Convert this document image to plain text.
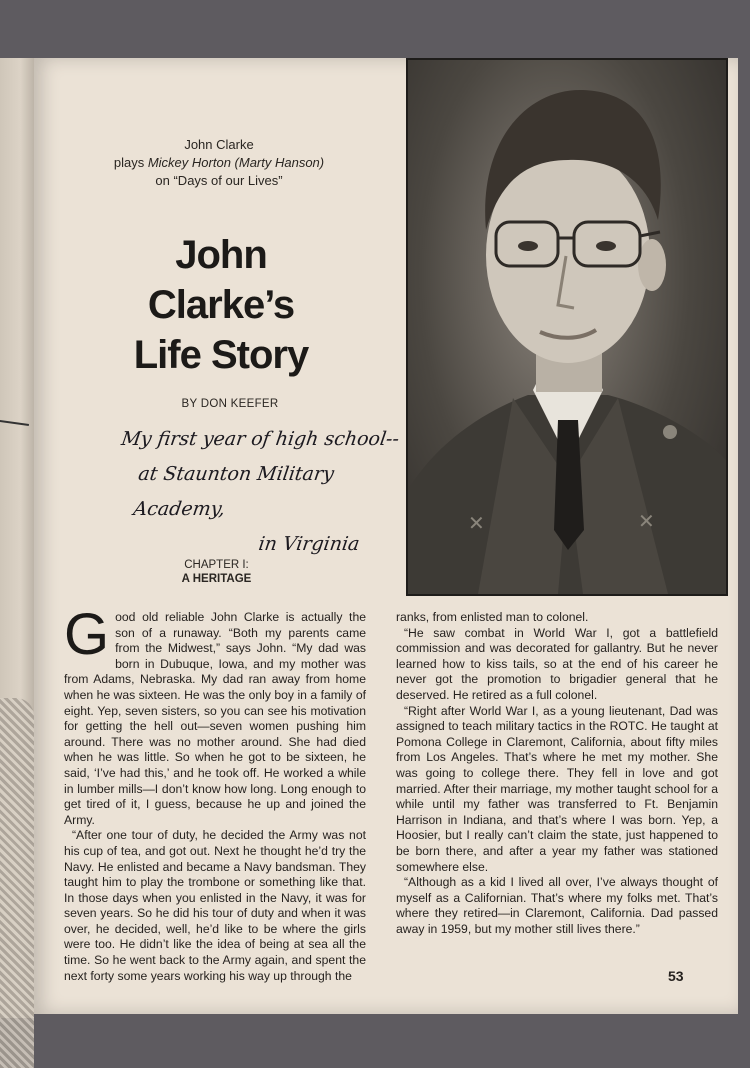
✕	✕
John Clarke
plays Mickey Horton (Marty Hanson)
on “Days of our Lives”
John
Clarke’s
Life Story
BY DON KEEFER
My first year of high school--
at Staunton Military Academy,
in Virginia
CHAPTER I:
A HERITAGE

Good old reliable John Clarke is actually the son of a runaway. “Both my parents came from the Midwest,” says John. “My dad was born in Dubuque, Iowa, and my mother was from Adams, Nebraska. My dad ran away from home when he was sixteen. He was the only boy in a family of eight. Yep, seven sisters, so you can see his motivation for getting the hell out—seven women pushing him around. There was no mother around. She had died when he was little. So when he got to be sixteen, he said, ‘I’ve had this,’ and he took off. He worked a while in lumber mills—I don’t know how long. Long enough to get tired of it, I guess, because he up and joined the Army.

“After one tour of duty, he decided the Army was not his cup of tea, and got out. Next he thought he’d try the Navy. He enlisted and became a Navy bandsman. They taught him to play the trombone or something like that. In those days when you enlisted in the Navy, it was for seven years. So he did his tour of duty and when it was over, he decided, well, he’d like to be where the girls were too. He didn’t like the idea of being at sea all the time. So he went back to the Army again, and spent the next forty some years working his way up through the

ranks, from enlisted man to colonel.

“He saw combat in World War I, got a battlefield commission and was decorated for gallantry. But he never learned how to kiss tails, so at the end of his career he never got the promotion to brigadier general that he deserved. He retired as a full colonel.

“Right after World War I, as a young lieutenant, Dad was assigned to teach military tactics in the ROTC. He taught at Pomona College in Claremont, California, about fifty miles from Los Angeles. That’s where he met my mother. She was going to college there. They fell in love and got married. After their marriage, my mother taught school for a while until my father was transferred to Ft. Benjamin Harrison in Indiana, and that’s where I was born. Yep, a Hoosier, but I really can’t claim the state, just happened to be born there, and after a year my father was stationed somewhere else.

“Although as a kid I lived all over, I’ve always thought of myself as a Californian. That’s where my folks met. That’s where they retired—in Claremont, California. Dad passed away in 1959, but my mother still lives there.”

53
